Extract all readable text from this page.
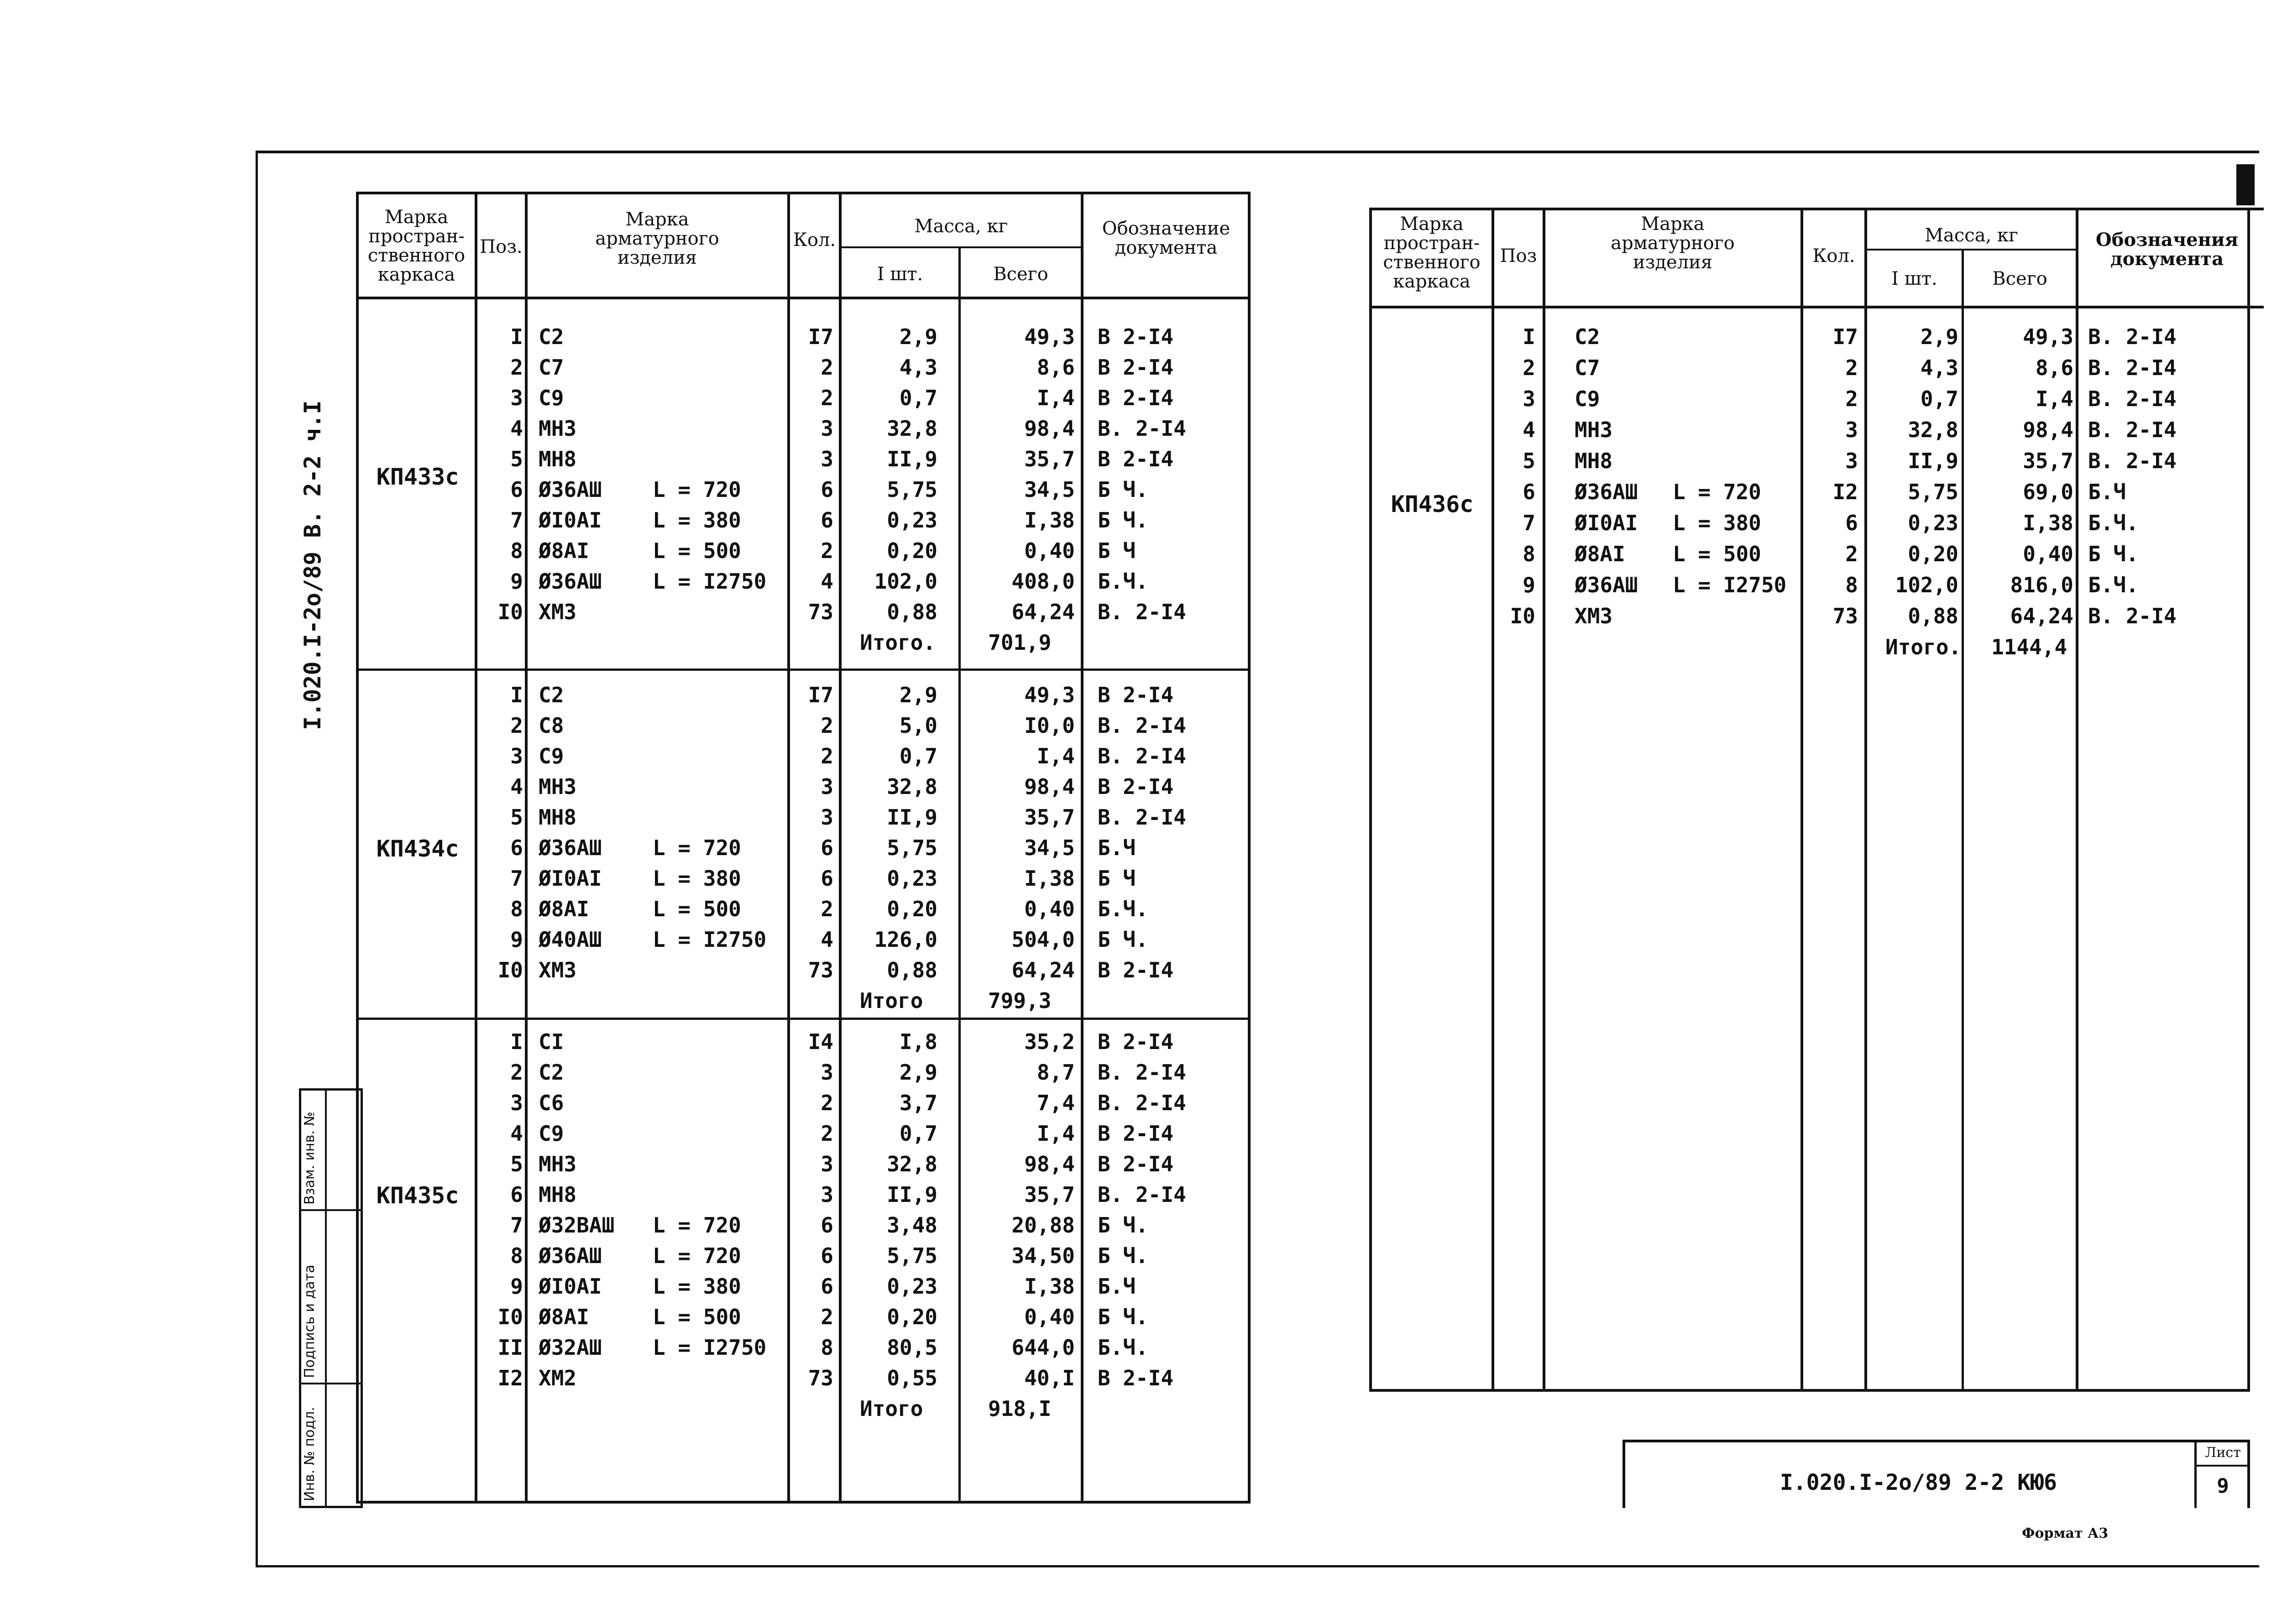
I.020.I-2o/89 В. 2-2 ч.I
Инв. № подл.
Подпись и дата
Взам. инв. №
Марка простран- ственного каркаса
Поз.
Марка арматурного изделия
Кол.
Масса, кг
I шт.	Всего
Обозначение документа
КП433с
КП434с
КП435с
I С2	I7	2,9	49,3 В 2-I4
2 С7	2	4,3	8,6 В 2-I4
3 С9	2	0,7	I,4 В 2-I4
4 МН3	3	32,8	98,4 В. 2-I4
5 МН8	3	II,9	35,7 В 2-I4
6 Ø36АШ L = 720	6	5,75	34,5 Б Ч.
7 ØI0АI L = 380	6	0,23	I,38 Б Ч.
8 Ø8АI	L = 500	2	0,20	0,40 Б Ч
9 Ø36АШ L = I2750	4	102,0	408,0 Б.Ч.
I0 ХМ3	73	0,88	64,24 В. 2-I4
Итого. 701,9
I С2	I7	2,9	49,3 В 2-I4
2 С8	2	5,0	I0,0 В. 2-I4
3 С9	2	0,7	I,4 В. 2-I4
4 МН3	3	32,8	98,4 В 2-I4
5 МН8	3	II,9	35,7 В. 2-I4
6 Ø36АШ L = 720	6	5,75	34,5 Б.Ч
7 ØI0АI L = 380	6	0,23	I,38 Б Ч
8 Ø8АI	L = 500	2	0,20	0,40 Б.Ч.
9 Ø40АШ L = I2750	4	126,0	504,0 Б Ч.
I0 ХМ3	73	0,88	64,24 В 2-I4
Итого	799,3
I СI	I4	I,8	35,2 В 2-I4
2 С2	3	2,9	8,7 В. 2-I4
3 С6	2	3,7	7,4 В. 2-I4
4 С9	2	0,7	I,4 В 2-I4
5 МН3	3	32,8	98,4 В 2-I4
6 МН8	3	II,9	35,7 В. 2-I4
7 Ø32ВАШ L = 720	6	3,48	20,88 Б Ч.
8 Ø36АШ L = 720	6	5,75	34,50 Б Ч.
9 ØI0АI L = 380	6	0,23	I,38 Б.Ч
I0 Ø8АI	L = 500	2	0,20	0,40 Б Ч.
II Ø32АШ L = I2750	8	80,5	644,0 Б.Ч.
I2 ХМ2	73	0,55	40,I В 2-I4
Итого	918,I
Марка простран- ственного каркаса
Поз
Марка арматурного изделия	Кол.
Масса, кг
I шт.	Всего
Обозначения документа
КП436с
I С2	I7	2,9	49,3 В. 2-I4
2 С7	2	4,3	8,6 В. 2-I4
3 С9	2	0,7	I,4 В. 2-I4
4 МН3	3	32,8	98,4 В. 2-I4
5 МН8	3	II,9	35,7 В. 2-I4
6 Ø36АШ L = 720	I2	5,75	69,0 Б.Ч
7 ØI0АI L = 380	6	0,23	I,38 Б.Ч.
8 Ø8АI L = 500	2	0,20	0,40 Б Ч.
9 Ø36АШ L = I2750	8	102,0	816,0 Б.Ч.
I0 ХМ3	73	0,88	64,24 В. 2-I4
Итого. 1144,4
I.020.I-2o/89 2-2 КЮ6
Лист
9
Формат А3
